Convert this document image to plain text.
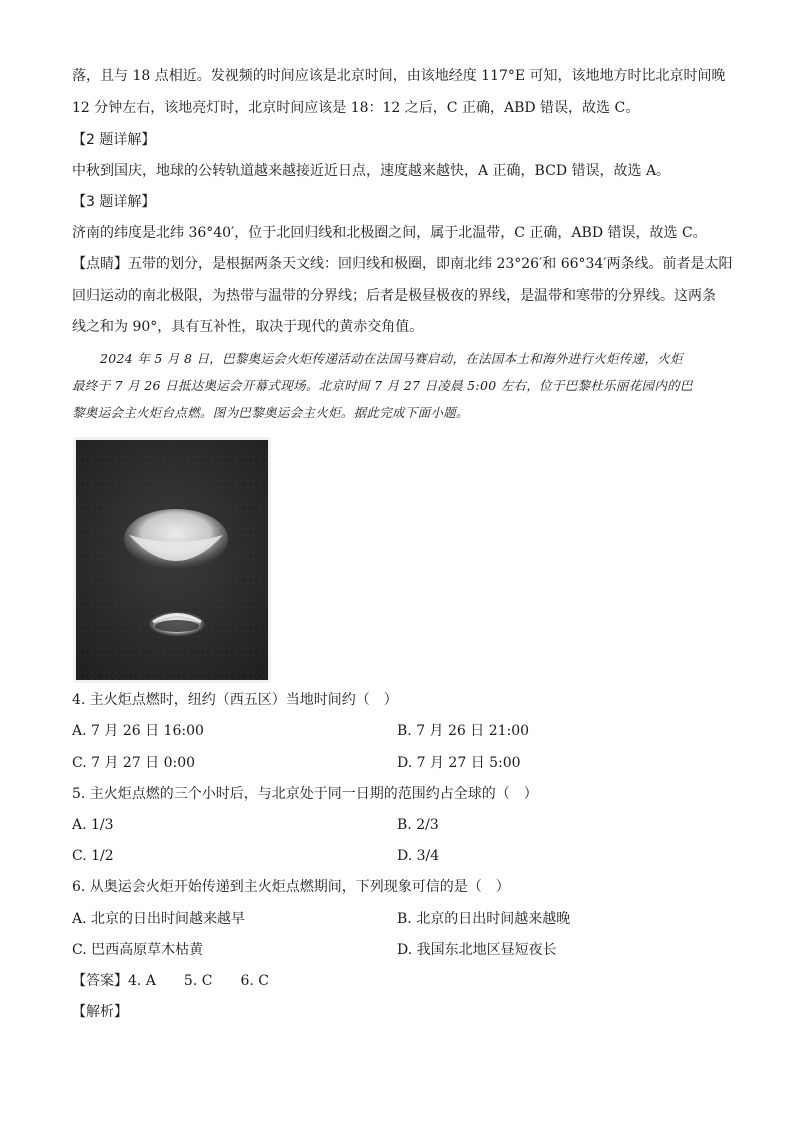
落，且与 18 点相近。发视频的时间应该是北京时间，由该地经度 117°E 可知，该地地方时比北京时间晚
12 分钟左右，该地亮灯时，北京时间应该是 18：12 之后，C 正确，ABD 错误，故选 C。
【2 题详解】
中秋到国庆，地球的公转轨道越来越接近近日点，速度越来越快，A 正确，BCD 错误，故选 A。
【3 题详解】
济南的纬度是北纬 36°40′，位于北回归线和北极圈之间，属于北温带，C 正确，ABD 错误，故选 C。
【点睛】五带的划分，是根据两条天文线：回归线和极圈，即南北纬 23°26′和 66°34′两条线。前者是太阳
回归运动的南北极限，为热带与温带的分界线；后者是极昼极夜的界线，是温带和寒带的分界线。这两条
线之和为 90°，具有互补性，取决于现代的黄赤交角值。
2024 年 5 月 8 日，巴黎奥运会火炬传递活动在法国马赛启动，在法国本土和海外进行火炬传递，火炬
最终于 7 月 26 日抵达奥运会开幕式现场。北京时间 7 月 27 日凌晨 5:00 左右，位于巴黎杜乐丽花园内的巴
黎奥运会主火炬台点燃。图为巴黎奥运会主火炬。据此完成下面小题。
4. 主火炬点燃时，纽约（西五区）当地时间约（　）
A. 7 月 26 日 16:00	B. 7 月 26 日 21:00
C. 7 月 27 日 0:00	D. 7 月 27 日 5:00
5. 主火炬点燃的三个小时后，与北京处于同一日期的范围约占全球的（　）
A. 1/3	B. 2/3
C. 1/2	D. 3/4
6. 从奥运会火炬开始传递到主火炬点燃期间，下列现象可信的是（　）
A. 北京的日出时间越来越早	B. 北京的日出时间越来越晚
C. 巴西高原草木枯黄	D. 我国东北地区昼短夜长
【答案】4. A 5. C 6. C
【解析】
